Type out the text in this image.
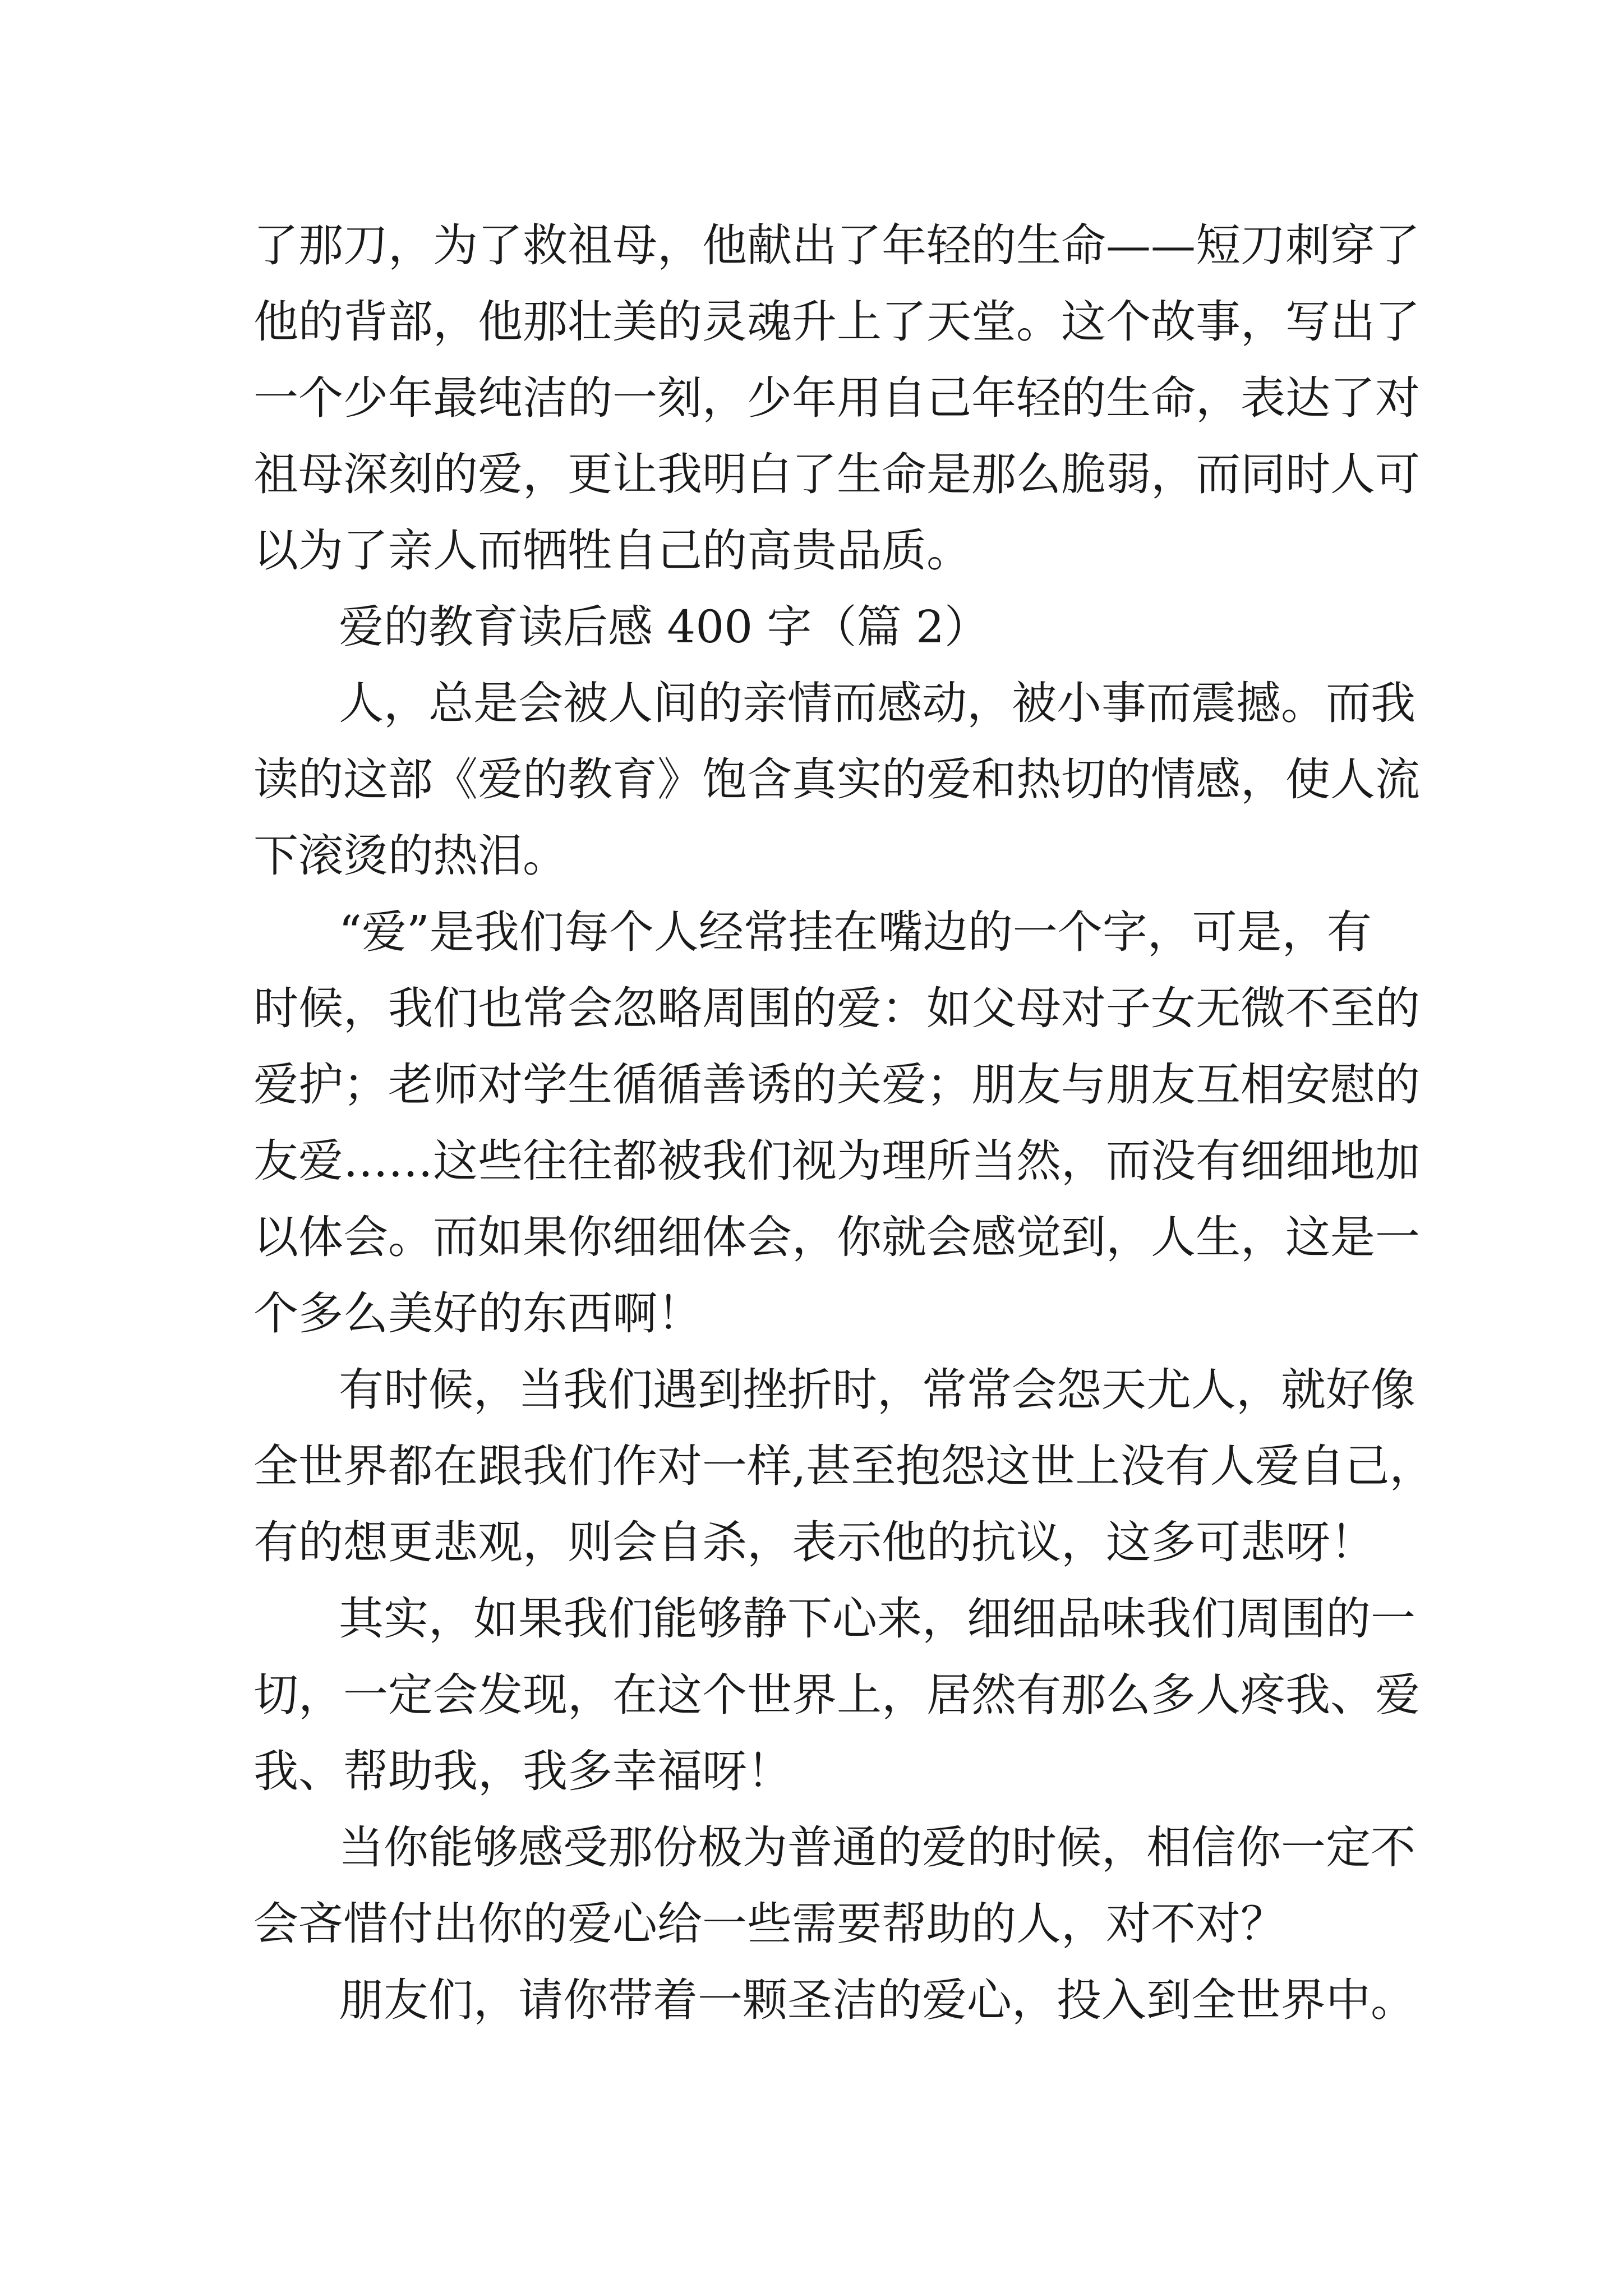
了那刀，为了救祖母，他献出了年轻的生命——短刀刺穿了
他的背部，他那壮美的灵魂升上了天堂。这个故事，写出了
一个少年最纯洁的一刻，少年用自己年轻的生命，表达了对
祖母深刻的爱，更让我明白了生命是那么脆弱，而同时人可
以为了亲人而牺牲自己的高贵品质。
爱的教育读后感 400 字（篇 2）
人，总是会被人间的亲情而感动，被小事而震撼。而我
读的这部《爱的教育》饱含真实的爱和热切的情感，使人流
下滚烫的热泪。
“爱”是我们每个人经常挂在嘴边的一个字，可是，有
时候，我们也常会忽略周围的爱：如父母对子女无微不至的
爱护；老师对学生循循善诱的关爱；朋友与朋友互相安慰的
友爱……这些往往都被我们视为理所当然，而没有细细地加
以体会。而如果你细细体会，你就会感觉到，人生，这是一
个多么美好的东西啊！
有时候，当我们遇到挫折时，常常会怨天尤人，就好像
全世界都在跟我们作对一样,甚至抱怨这世上没有人爱自己，
有的想更悲观，则会自杀，表示他的抗议，这多可悲呀！
其实，如果我们能够静下心来，细细品味我们周围的一
切，一定会发现，在这个世界上，居然有那么多人疼我、爱
我、帮助我，我多幸福呀！
当你能够感受那份极为普通的爱的时候，相信你一定不
会吝惜付出你的爱心给一些需要帮助的人，对不对？
朋友们，请你带着一颗圣洁的爱心，投入到全世界中。
